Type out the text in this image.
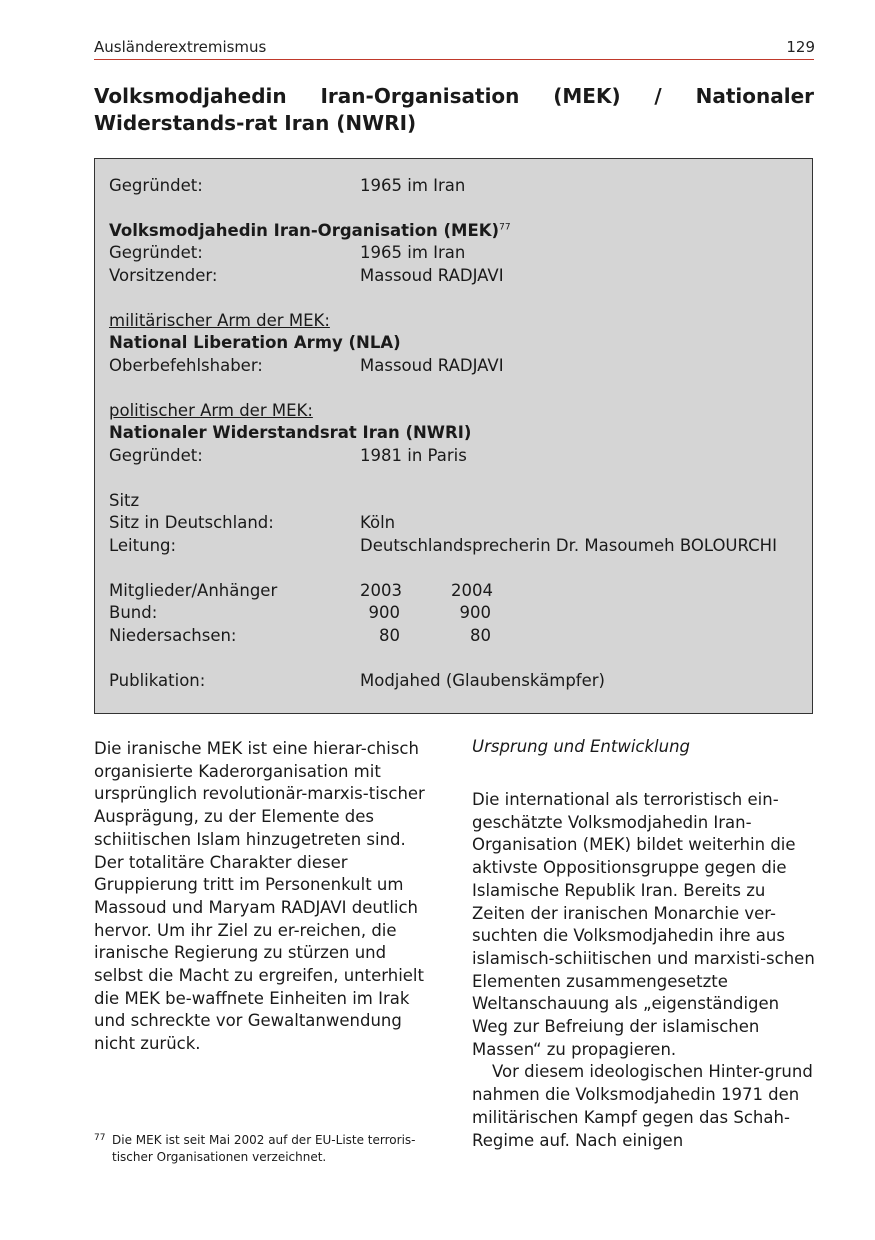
Ausländerextremismus	129
Volksmodjahedin Iran-Organisation (MEK) / Nationaler Widerstands-rat Iran (NWRI)
Gegründet:	1965 im Iran
Volksmodjahedin Iran-Organisation (MEK)$^{77}$
Gegründet:	1965 im Iran
Vorsitzender:	Massoud RADJAVI
militärischer Arm der MEK:
National Liberation Army (NLA)
Oberbefehlshaber:	Massoud RADJAVI
politischer Arm der MEK:
Nationaler Widerstandsrat Iran (NWRI)
Gegründet:	1981 in Paris
Sitz
Sitz in Deutschland:	Köln
Leitung:	Deutschlandsprecherin Dr. Masoumeh BOLOURCHI
Mitglieder/Anhänger	2003	2004
Bund:	900	900
Niedersachsen:	80	80
Publikation:	Modjahed (Glaubenskämpfer)

Die iranische MEK ist eine hierar-chisch organisierte Kaderorganisation mit ursprünglich revolutionär-marxis-tischer Ausprägung, zu der Elemente des schiitischen Islam hinzugetreten sind. Der totalitäre Charakter dieser Gruppierung tritt im Personenkult um Massoud und Maryam RADJAVI deutlich hervor. Um ihr Ziel zu er-reichen, die iranische Regierung zu stürzen und selbst die Macht zu ergreifen, unterhielt die MEK be-waffnete Einheiten im Irak und schreckte vor Gewaltanwendung nicht zurück.

Ursprung und Entwicklung

Die international als terroristisch ein-geschätzte Volksmodjahedin Iran-Organisation (MEK) bildet weiterhin die aktivste Oppositionsgruppe gegen die Islamische Republik Iran. Bereits zu Zeiten der iranischen Monarchie ver-suchten die Volksmodjahedin ihre aus islamisch-schiitischen und marxisti-schen Elementen zusammengesetzte Weltanschauung als „eigenständigen Weg zur Befreiung der islamischen Massen“ zu propagieren.

Vor diesem ideologischen Hinter-grund nahmen die Volksmodjahedin 1971 den militärischen Kampf gegen das Schah-Regime auf. Nach einigen

77 Die MEK ist seit Mai 2002 auf der EU-Liste terroris-tischer Organisationen verzeichnet.
